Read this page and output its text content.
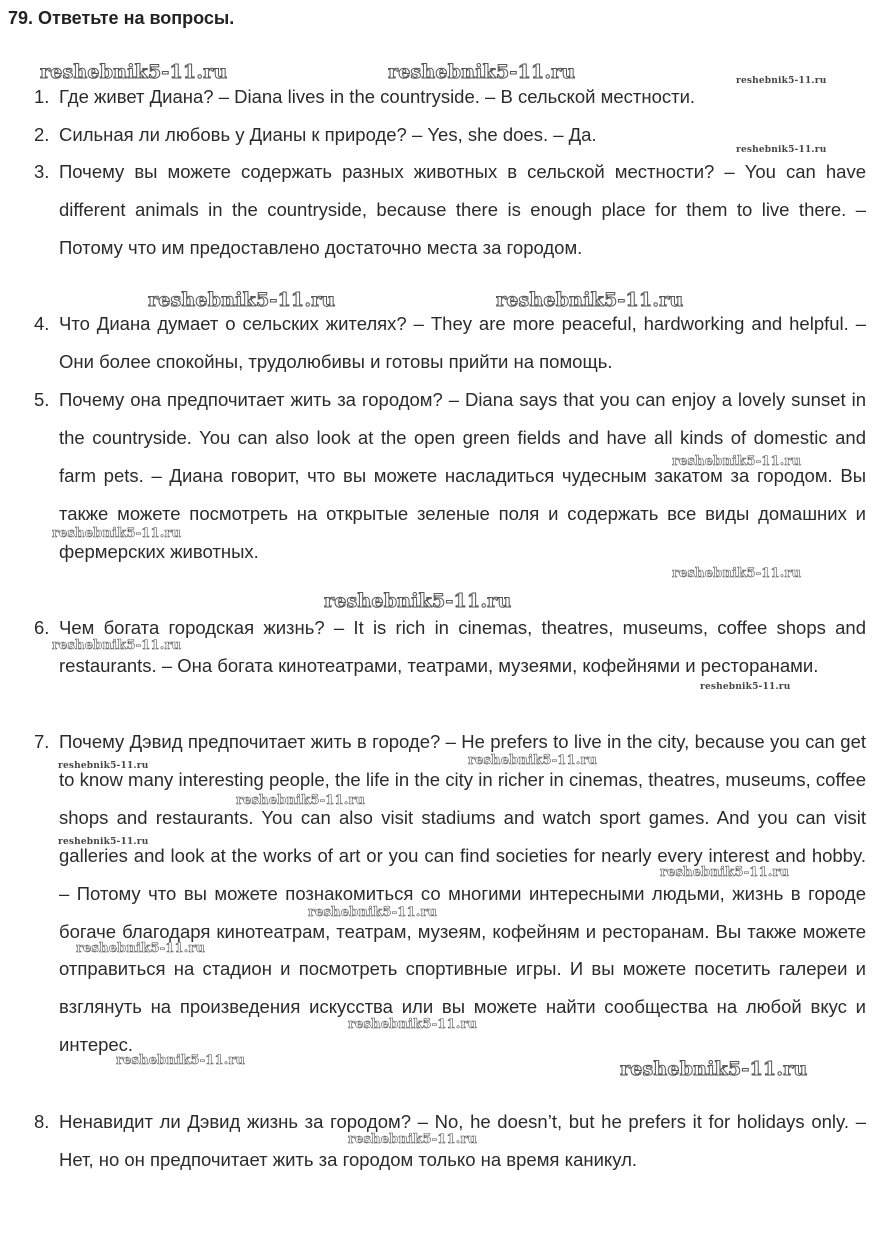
79. Ответьте на вопросы.
1. Где живет Диана? – Diana lives in the countryside. – В сельской местности.
2. Сильная ли любовь у Дианы к природе? – Yes, she does. – Да.
3. Почему вы можете содержать разных животных в сельской местности? – You can have different animals in the countryside, because there is enough place for them to live there. – Потому что им предоставлено достаточно места за городом.
4. Что Диана думает о сельских жителях? – They are more peaceful, hardworking and helpful. – Они более спокойны, трудолюбивы и готовы прийти на помощь.
5. Почему она предпочитает жить за городом? – Diana says that you can enjoy a lovely sunset in the countryside. You can also look at the open green fields and have all kinds of domestic and farm pets. – Диана говорит, что вы можете насладиться чудесным закатом за городом. Вы также можете посмотреть на открытые зеленые поля и содержать все виды домашних и фермерских животных.
6. Чем богата городская жизнь? – It is rich in cinemas, theatres, museums, coffee shops and restaurants. – Она богата кинотеатрами, театрами, музеями, кофейнями и ресторанами.
7. Почему Дэвид предпочитает жить в городе? – He prefers to live in the city, because you can get to know many interesting people, the life in the city in richer in cinemas, theatres, museums, coffee shops and restaurants. You can also visit stadiums and watch sport games. And you can visit galleries and look at the works of art or you can find societies for nearly every interest and hobby. – Потому что вы можете познакомиться со многими интересными людьми, жизнь в городе богаче благодаря кинотеатрам, театрам, музеям, кофейням и ресторанам. Вы также можете отправиться на стадион и посмотреть спортивные игры. И вы можете посетить галереи и взглянуть на произведения искусства или вы можете найти сообщества на любой вкус и интерес.
8. Ненавидит ли Дэвид жизнь за городом? – No, he doesn’t, but he prefers it for holidays only. – Нет, но он предпочитает жить за городом только на время каникул.
reshebnik5-11.ru	reshebnik5-11.ru	reshebnik5-11.ru
reshebnik5-11.ru
reshebnik5-11.ru	reshebnik5-11.ru
reshebnik5-11.ru
reshebnik5-11.ru
reshebnik5-11.ru
reshebnik5-11.ru
reshebnik5-11.ru
reshebnik5-11.ru
reshebnik5-11.ru
reshebnik5-11.ru
reshebnik5-11.ru
reshebnik5-11.ru
reshebnik5-11.ru
reshebnik5-11.ru
reshebnik5-11.ru
reshebnik5-11.ru
reshebnik5-11.ru	reshebnik5-11.ru
reshebnik5-11.ru
